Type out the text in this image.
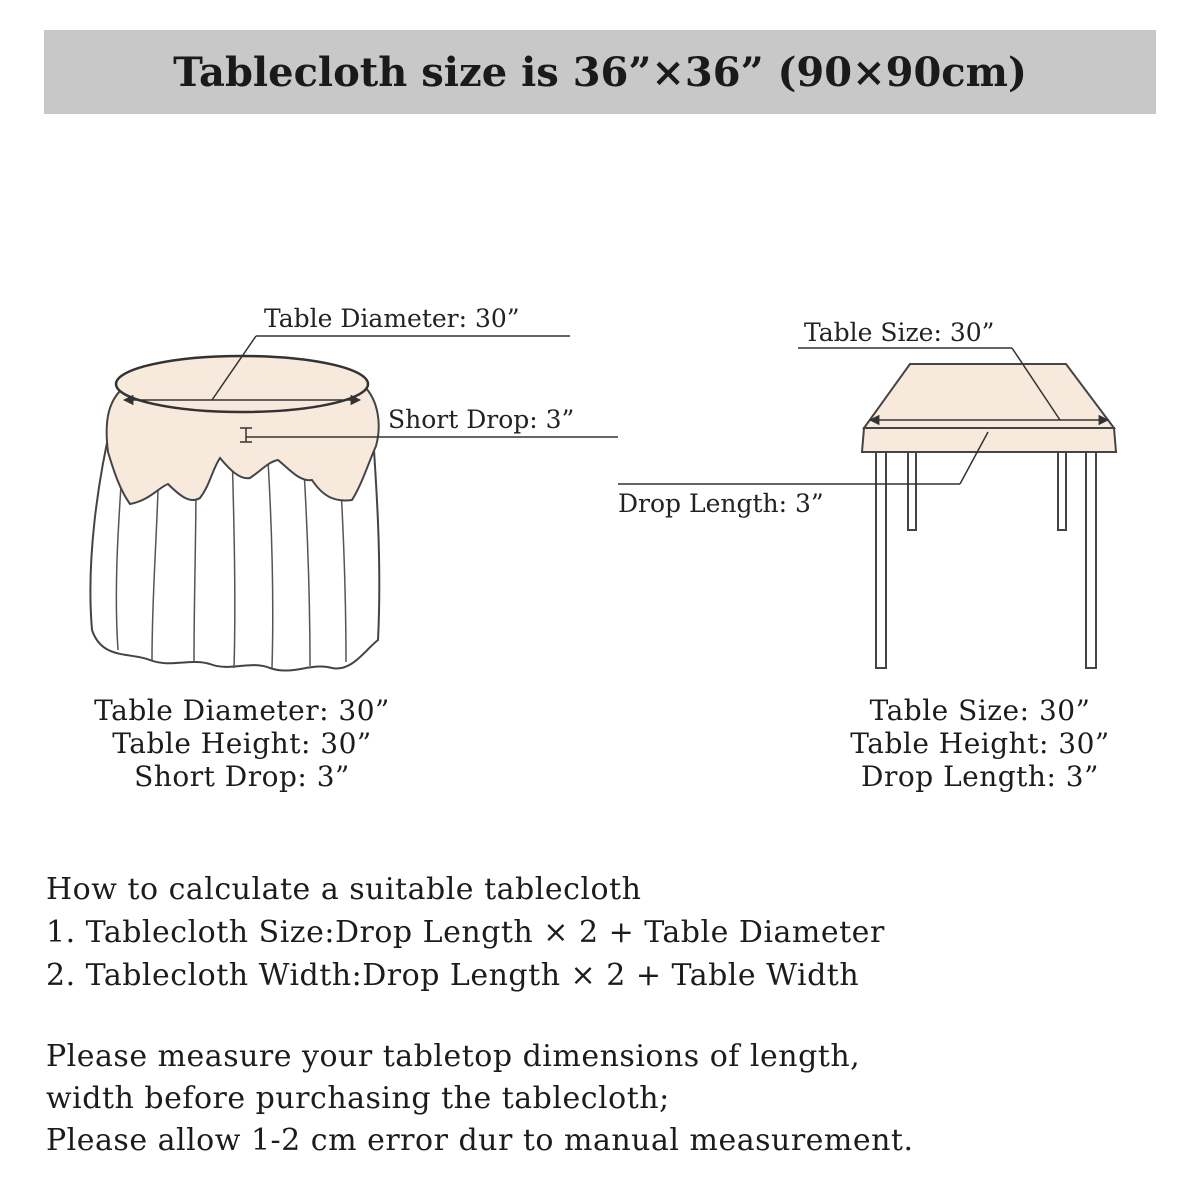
Tablecloth size is 36”×36” (90×90cm)
Table Diameter: 30”
Short Drop: 3”
Table Size: 30”
Drop Length: 3”
Table Diameter: 30”
Table Height: 30”
Short Drop: 3”
Table Size: 30”
Table Height: 30”
Drop Length: 3”
How to calculate a suitable tablecloth
1. Tablecloth Size:Drop Length × 2 + Table Diameter
2. Tablecloth Width:Drop Length × 2 + Table Width
Please measure your tabletop dimensions of length,
width before purchasing the tablecloth;
Please allow 1-2 cm error dur to manual measurement.
